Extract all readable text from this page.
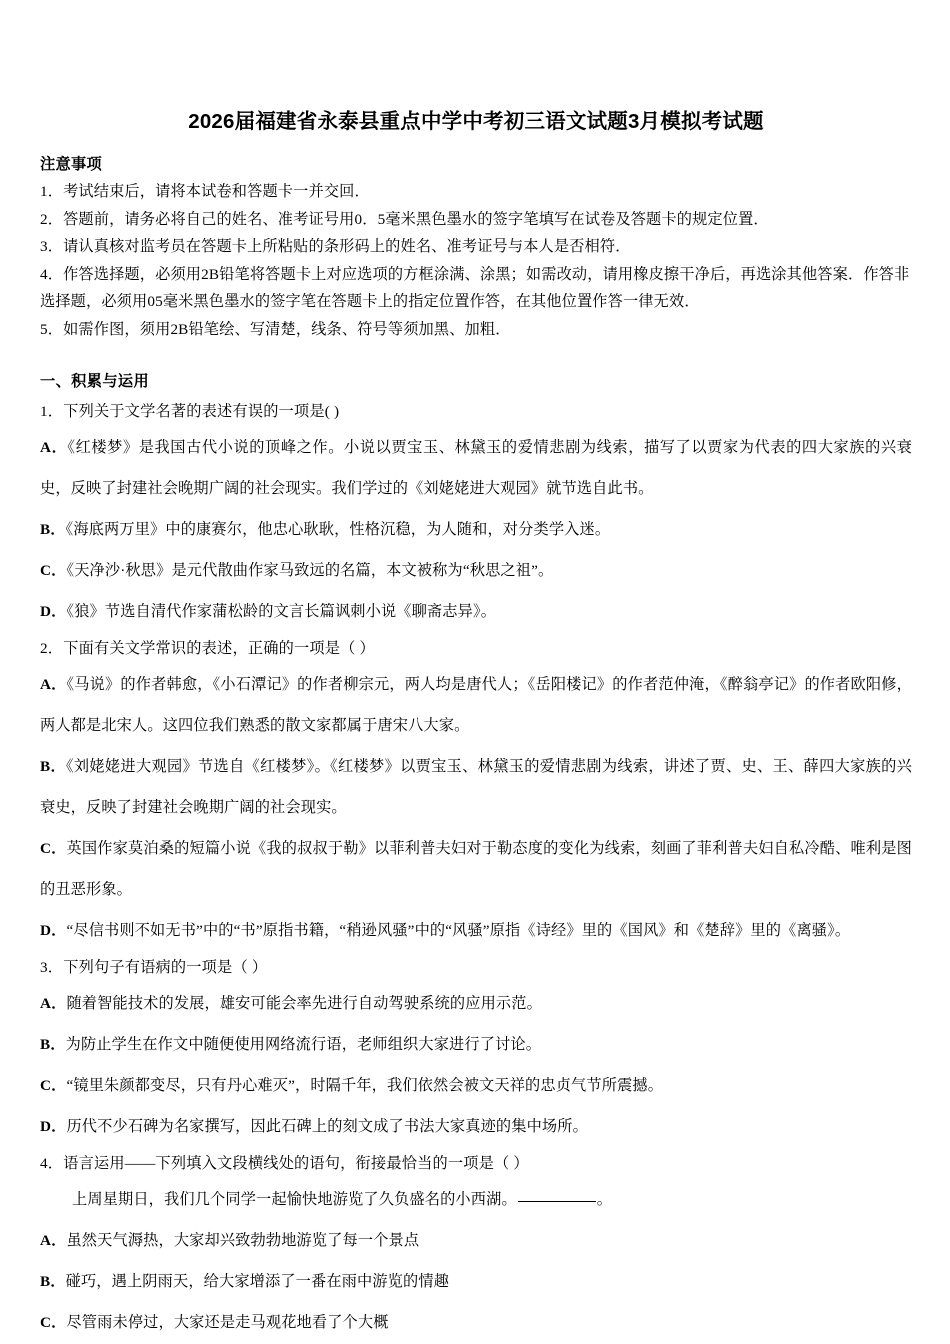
2026届福建省永泰县重点中学中考初三语文试题3月模拟考试题
注意事项
1．考试结束后，请将本试卷和答题卡一并交回．
2．答题前，请务必将自己的姓名、准考证号用0．5毫米黑色墨水的签字笔填写在试卷及答题卡的规定位置．
3．请认真核对监考员在答题卡上所粘贴的条形码上的姓名、准考证号与本人是否相符．
4．作答选择题，必须用2B铅笔将答题卡上对应选项的方框涂满、涂黑；如需改动，请用橡皮擦干净后，再选涂其他答案．作答非选择题，必须用05毫米黑色墨水的签字笔在答题卡上的指定位置作答，在其他位置作答一律无效．
5．如需作图，须用2B铅笔绘、写清楚，线条、符号等须加黑、加粗．
一、积累与运用
1．下列关于文学名著的表述有误的一项是( )
A．《红楼梦》是我国古代小说的顶峰之作。小说以贾宝玉、林黛玉的爱情悲剧为线索，描写了以贾家为代表的四大家族的兴衰史，反映了封建社会晚期广阔的社会现实。我们学过的《刘姥姥进大观园》就节选自此书。
B．《海底两万里》中的康赛尔，他忠心耿耿，性格沉稳，为人随和，对分类学入迷。
C．《天净沙·秋思》是元代散曲作家马致远的名篇，本文被称为“秋思之祖”。
D．《狼》节选自清代作家蒲松龄的文言长篇讽刺小说《聊斋志异》。
2．下面有关文学常识的表述，正确的一项是（ ）
A．《马说》的作者韩愈，《小石潭记》的作者柳宗元，两人均是唐代人；《岳阳楼记》的作者范仲淹，《醉翁亭记》的作者欧阳修，两人都是北宋人。这四位我们熟悉的散文家都属于唐宋八大家。
B．《刘姥姥进大观园》节选自《红楼梦》。《红楼梦》以贾宝玉、林黛玉的爱情悲剧为线索，讲述了贾、史、王、薛四大家族的兴衰史，反映了封建社会晚期广阔的社会现实。
C．英国作家莫泊桑的短篇小说《我的叔叔于勒》以菲利普夫妇对于勒态度的变化为线索，刻画了菲利普夫妇自私冷酷、唯利是图的丑恶形象。
D．“尽信书则不如无书”中的“书”原指书籍，“稍逊风骚”中的“风骚”原指《诗经》里的《国风》和《楚辞》里的《离骚》。
3．下列句子有语病的一项是（ ）
A．随着智能技术的发展，雄安可能会率先进行自动驾驶系统的应用示范。
B．为防止学生在作文中随便使用网络流行语，老师组织大家进行了讨论。
C．“镜里朱颜都变尽，只有丹心难灭”，时隔千年，我们依然会被文天祥的忠贞气节所震撼。
D．历代不少石碑为名家撰写，因此石碑上的刻文成了书法大家真迹的集中场所。
4．语言运用——下列填入文段横线处的语句，衔接最恰当的一项是（ ）
上周星期日，我们几个同学一起愉快地游览了久负盛名的小西湖。	。
A．虽然天气溽热，大家却兴致勃勃地游览了每一个景点
B．碰巧，遇上阴雨天，给大家增添了一番在雨中游览的情趣
C．尽管雨未停过，大家还是走马观花地看了个大概
